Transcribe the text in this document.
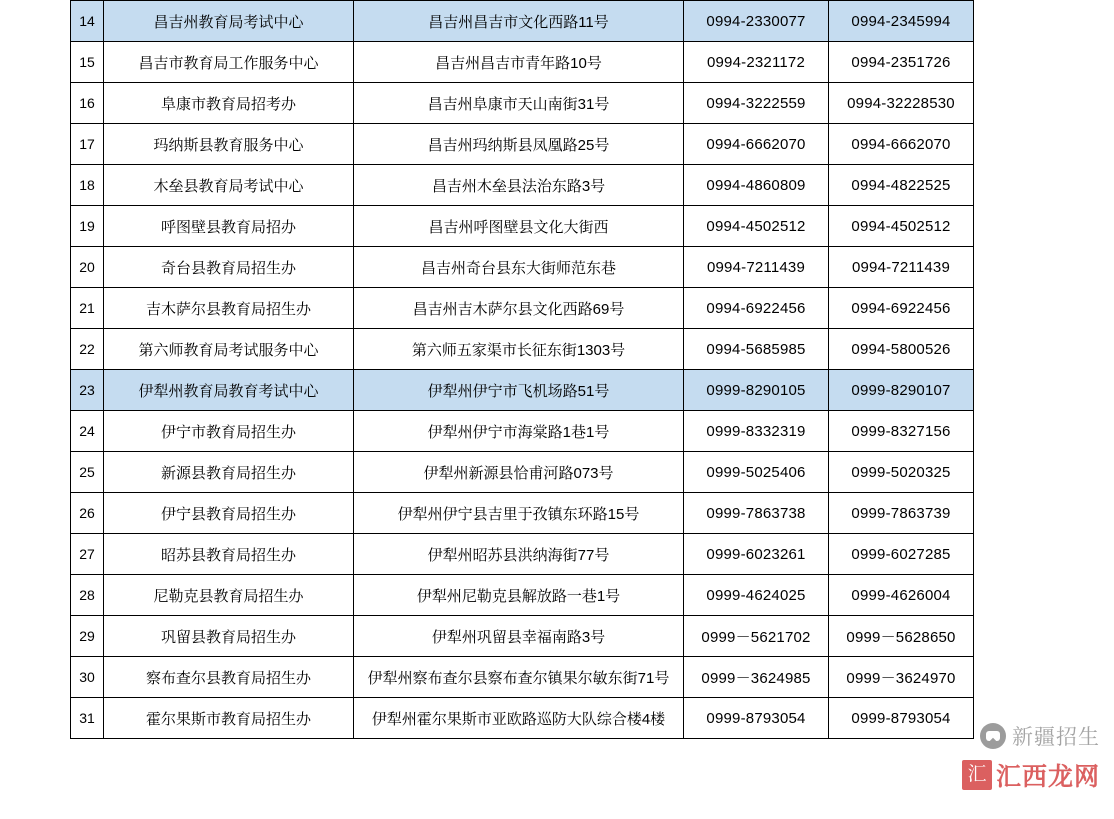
14	昌吉州教育局考试中心	昌吉州昌吉市文化西路11号	0994-2330077	0994-2345994
15	昌吉市教育局工作服务中心	昌吉州昌吉市青年路10号	0994-2321172	0994-2351726
16	阜康市教育局招考办	昌吉州阜康市天山南街31号	0994-3222559	0994-32228530
17	玛纳斯县教育服务中心	昌吉州玛纳斯县凤凰路25号	0994-6662070	0994-6662070
18	木垒县教育局考试中心	昌吉州木垒县法治东路3号	0994-4860809	0994-4822525
19	呼图壁县教育局招办	昌吉州呼图壁县文化大街西	0994-4502512	0994-4502512
20	奇台县教育局招生办	昌吉州奇台县东大街师范东巷	0994-7211439	0994-7211439
21	吉木萨尔县教育局招生办	昌吉州吉木萨尔县文化西路69号	0994-6922456	0994-6922456
22	第六师教育局考试服务中心	第六师五家渠市长征东街1303号	0994-5685985	0994-5800526
23	伊犁州教育局教育考试中心	伊犁州伊宁市飞机场路51号	0999-8290105	0999-8290107
24	伊宁市教育局招生办	伊犁州伊宁市海棠路1巷1号	0999-8332319	0999-8327156
25	新源县教育局招生办	伊犁州新源县恰甫河路073号	0999-5025406	0999-5020325
26	伊宁县教育局招生办	伊犁州伊宁县吉里于孜镇东环路15号	0999-7863738	0999-7863739
27	昭苏县教育局招生办	伊犁州昭苏县洪纳海街77号	0999-6023261	0999-6027285
28	尼勒克县教育局招生办	伊犁州尼勒克县解放路一巷1号	0999-4624025	0999-4626004
29	巩留县教育局招生办	伊犁州巩留县幸福南路3号	0999－5621702	0999－5628650
30	察布查尔县教育局招生办	伊犁州察布查尔县察布查尔镇果尔敏东街71号	0999－3624985	0999－3624970
31	霍尔果斯市教育局招生办	伊犁州霍尔果斯市亚欧路巡防大队综合楼4楼	0999-8793054	0999-8793054
新疆招生
汇 汇西龙网
